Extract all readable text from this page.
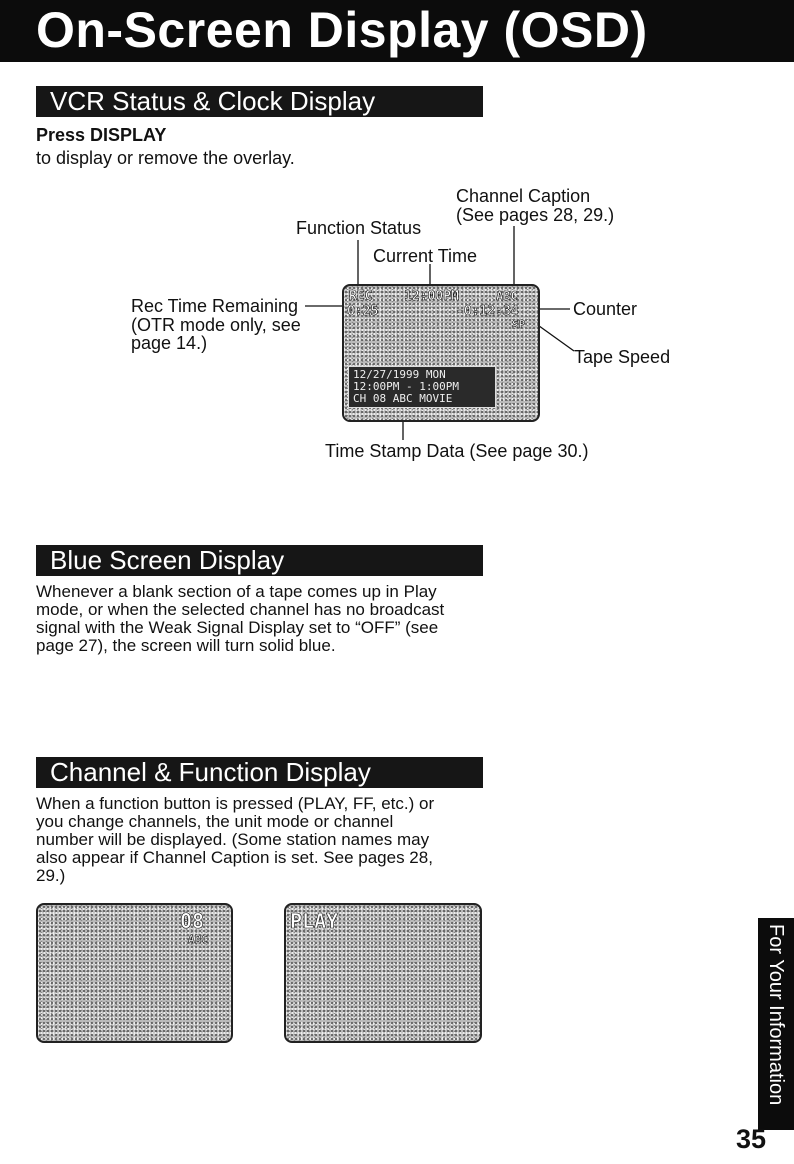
On-Screen Display (OSD)
VCR Status & Clock Display
Press DISPLAY
to display or remove the overlay.
Channel Caption
(See pages 28, 29.)
Function Status
Current Time
Rec Time Remaining
(OTR mode only, see
page 14.)
Counter
Tape Speed
Time Stamp Data (See page 30.)
REC 12:00PM	ABC
0:25	-0:12:34
SP
12/27/1999 MON
12:00PM - 1:00PM
CH 08 ABC MOVIE
Blue Screen Display
Whenever a blank section of a tape comes up in Play
mode, or when the selected channel has no broadcast
signal with the Weak Signal Display set to “OFF” (see
page 27), the screen will turn solid blue.
Channel & Function Display
When a function button is pressed (PLAY, FF, etc.) or
you change channels, the unit mode or channel
number will be displayed. (Some station names may
also appear if Channel Caption is set. See pages 28,
29.)
08
ABC
PLAY
For Your Information
35
